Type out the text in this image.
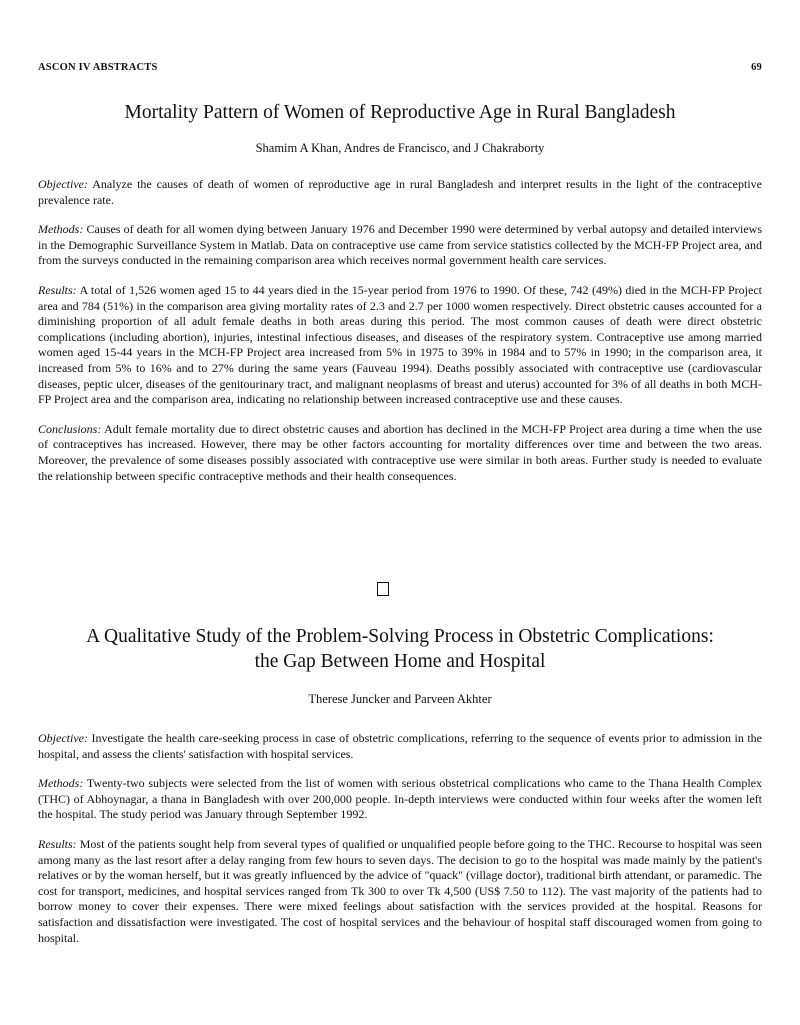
ASCON IV ABSTRACTS	69
Mortality Pattern of Women of Reproductive Age in Rural Bangladesh

Shamim A Khan, Andres de Francisco, and J Chakraborty

Objective: Analyze the causes of death of women of reproductive age in rural Bangladesh and interpret results in the light of the contraceptive prevalence rate.

Methods: Causes of death for all women dying between January 1976 and December 1990 were determined by verbal autopsy and detailed interviews in the Demographic Surveillance System in Matlab. Data on contraceptive use came from service statistics collected by the MCH-FP Project area, and from the surveys conducted in the remaining comparison area which receives normal government health care services.

Results: A total of 1,526 women aged 15 to 44 years died in the 15-year period from 1976 to 1990. Of these, 742 (49%) died in the MCH-FP Project area and 784 (51%) in the comparison area giving mortality rates of 2.3 and 2.7 per 1000 women respectively. Direct obstetric causes accounted for a diminishing proportion of all adult female deaths in both areas during this period. The most common causes of death were direct obstetric complications (including abortion), injuries, intestinal infectious diseases, and diseases of the respiratory system. Contraceptive use among married women aged 15-44 years in the MCH-FP Project area increased from 5% in 1975 to 39% in 1984 and to 57% in 1990; in the comparison area, it increased from 5% to 16% and to 27% during the same years (Fauveau 1994). Deaths possibly associated with contraceptive use (cardiovascular diseases, peptic ulcer, diseases of the genitourinary tract, and malignant neoplasms of breast and uterus) accounted for 3% of all deaths in both MCH-FP Project area and the comparison area, indicating no relationship between increased contraceptive use and these causes.

Conclusions: Adult female mortality due to direct obstetric causes and abortion has declined in the MCH-FP Project area during a time when the use of contraceptives has increased. However, there may be other factors accounting for mortality differences over time and between the two areas. Moreover, the prevalence of some diseases possibly associated with contraceptive use were similar in both areas. Further study is needed to evaluate the relationship between specific contraceptive methods and their health consequences.

A Qualitative Study of the Problem-Solving Process in Obstetric Complications:
the Gap Between Home and Hospital

Therese Juncker and Parveen Akhter

Objective: Investigate the health care-seeking process in case of obstetric complications, referring to the sequence of events prior to admission in the hospital, and assess the clients' satisfaction with hospital services.

Methods: Twenty-two subjects were selected from the list of women with serious obstetrical complications who came to the Thana Health Complex (THC) of Abhoynagar, a thana in Bangladesh with over 200,000 people. In-depth interviews were conducted within four weeks after the women left the hospital. The study period was January through September 1992.

Results: Most of the patients sought help from several types of qualified or unqualified people before going to the THC. Recourse to hospital was seen among many as the last resort after a delay ranging from few hours to seven days. The decision to go to the hospital was made mainly by the patient's relatives or by the woman herself, but it was greatly influenced by the advice of "quack" (village doctor), traditional birth attendant, or paramedic. The cost for transport, medicines, and hospital services ranged from Tk 300 to over Tk 4,500 (US$ 7.50 to 112). The vast majority of the patients had to borrow money to cover their expenses. There were mixed feelings about satisfaction with the services provided at the hospital. Reasons for satisfaction and dissatisfaction were investigated. The cost of hospital services and the behaviour of hospital staff discouraged women from going to hospital.
